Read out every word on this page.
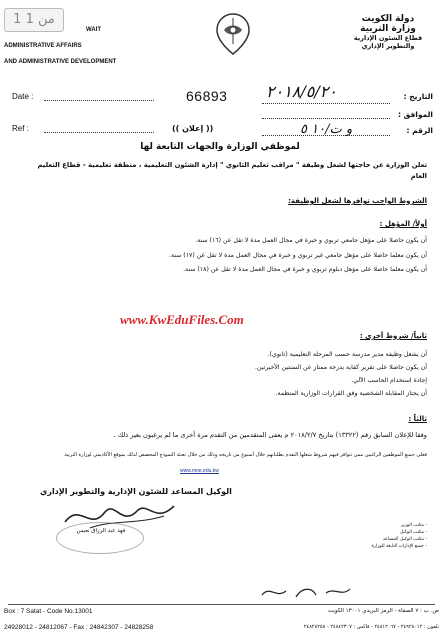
1 من 1
WAIT
ADMINISTRATIVE AFFAIRS
AND ADMINISTRATIVE DEVELOPMENT
دولة الكويت
وزارة التربية
قطاع الشئون الإدارية والتطوير الإداري
Date :	66893 ٢٠١٨/٥/٢٠	التاريخ :
الموافق :
Ref :	(( إعلان ))	و ت/١٠ ٥	الرقم :
لموظفي الوزارة والجهات التابعة لها
تعلن الوزارة عن حاجتها لشغل وظيفة " مراقب تعليم الثانوي " إدارة الشئون التعليمية ، منطقة تعليمية - قطاع التعليم العام
الشروط الواجب توافرها لشغل الوظيفة:
أولاً/ المؤهل :
أن يكون حاصلا على مؤهل جامعي تربوي و خبرة في مجال العمل مدة لا تقل عن (١٦) سنة.
أن يكون معلما حاصلا على مؤهل جامعي غير تربوي و خبرة في مجال العمل مدة لا تقل عن (١٧) سنة.
أن يكون معلما حاصلا على مؤهل دبلوم تربوي و خبرة في مجال العمل مدة لا تقل عن (١٨) سنة.
www.KwEduFiles.Com
ثانياً/ شروط أخرى :
أن يشغل وظيفة مدير مدرسة حسب المرحلة التعليمية (ثانوي).
أن يكون حاصلا على تقرير كفاية بدرجة ممتاز عن السنتين الأخيرتين.
إجادة استخدام الحاسب الآلي.
أن يجتاز المقابلة الشخصية وفق القرارات الوزارية المنظمة.
ثالثاً :
وفقا للإعلان السابق رقم (١٣٣٢٢) بتاريخ ٢٠١٨/٢/٧ م يعفى المتقدمين من التقدم مرة أخرى ما لم يرغبون بغير ذلك .
فعلى جميع الموظفين الراغبين ممن تتوافر فيهم شروط شغلها التقدم بطلباتهم خلال أسبوع من تاريخه وذلك من خلال تعبئة النموذج المخصص لذلك بموقع الأكاديمي لوزارة التربية
www.moe.edu.kw
الوكيل المساعد للشئون الإدارية والتطوير الإداري
فهد عبد الرزاق نعيس
- مكتب الوزير
- مكتب الوكيل
- مكتب الوكيل المساعد
- جميع الإدارات التابعة للوزارة
Box : 7 Satat - Code No.13001
24928012 - 24812067 - Fax : 24842307 - 24828258
ص. ب : ٧ الصفاة - الرمز البريدي ١٣٠٠١ الكويت
تلفون : ٢٤٩٢٨٠١٢ - ٢٤٨١٢٠٦٧ - فاكس : ٢٤٨٤٢٣٠٧ - ٢٤٨٢٨٢٥٨
